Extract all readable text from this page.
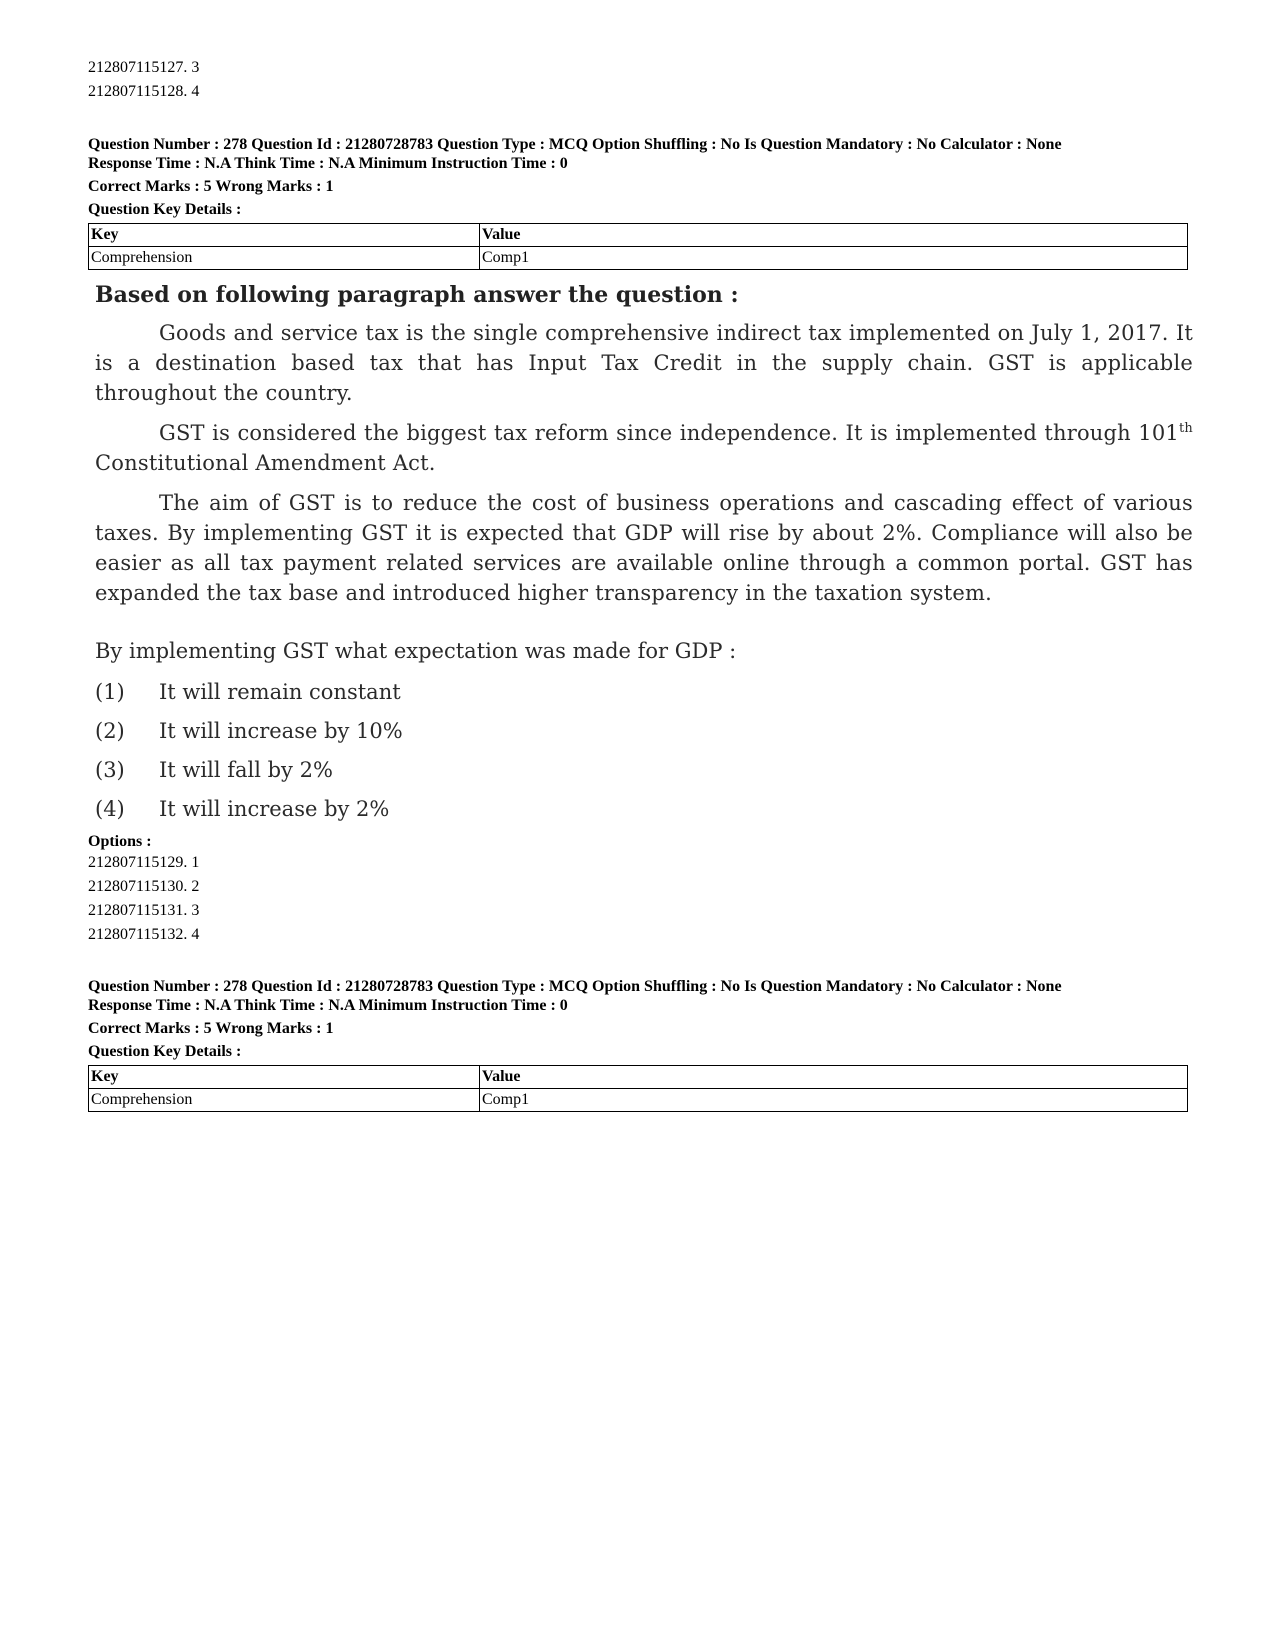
212807115127. 3
212807115128. 4
Question Number : 278 Question Id : 21280728783 Question Type : MCQ Option Shuffling : No Is Question Mandatory : No Calculator : None
Response Time : N.A Think Time : N.A Minimum Instruction Time : 0
Correct Marks : 5 Wrong Marks : 1
Question Key Details :
Key	Value
Comprehension	Comp1
Based on following paragraph answer the question :

Goods and service tax is the single comprehensive indirect tax implemented on July 1, 2017. It is a destination based tax that has Input Tax Credit in the supply chain. GST is applicable throughout the country.

GST is considered the biggest tax reform since independence. It is implemented through 101th Constitutional Amendment Act.

The aim of GST is to reduce the cost of business operations and cascading effect of various taxes. By implementing GST it is expected that GDP will rise by about 2%. Compliance will also be easier as all tax payment related services are available online through a common portal. GST has expanded the tax base and introduced higher transparency in the taxation system.

By implementing GST what expectation was made for GDP :
(1)	It will remain constant
(2)	It will increase by 10%
(3)	It will fall by 2%
(4)	It will increase by 2%
Options :
212807115129. 1
212807115130. 2
212807115131. 3
212807115132. 4
Question Number : 278 Question Id : 21280728783 Question Type : MCQ Option Shuffling : No Is Question Mandatory : No Calculator : None
Response Time : N.A Think Time : N.A Minimum Instruction Time : 0
Correct Marks : 5 Wrong Marks : 1
Question Key Details :
Key	Value
Comprehension	Comp1
